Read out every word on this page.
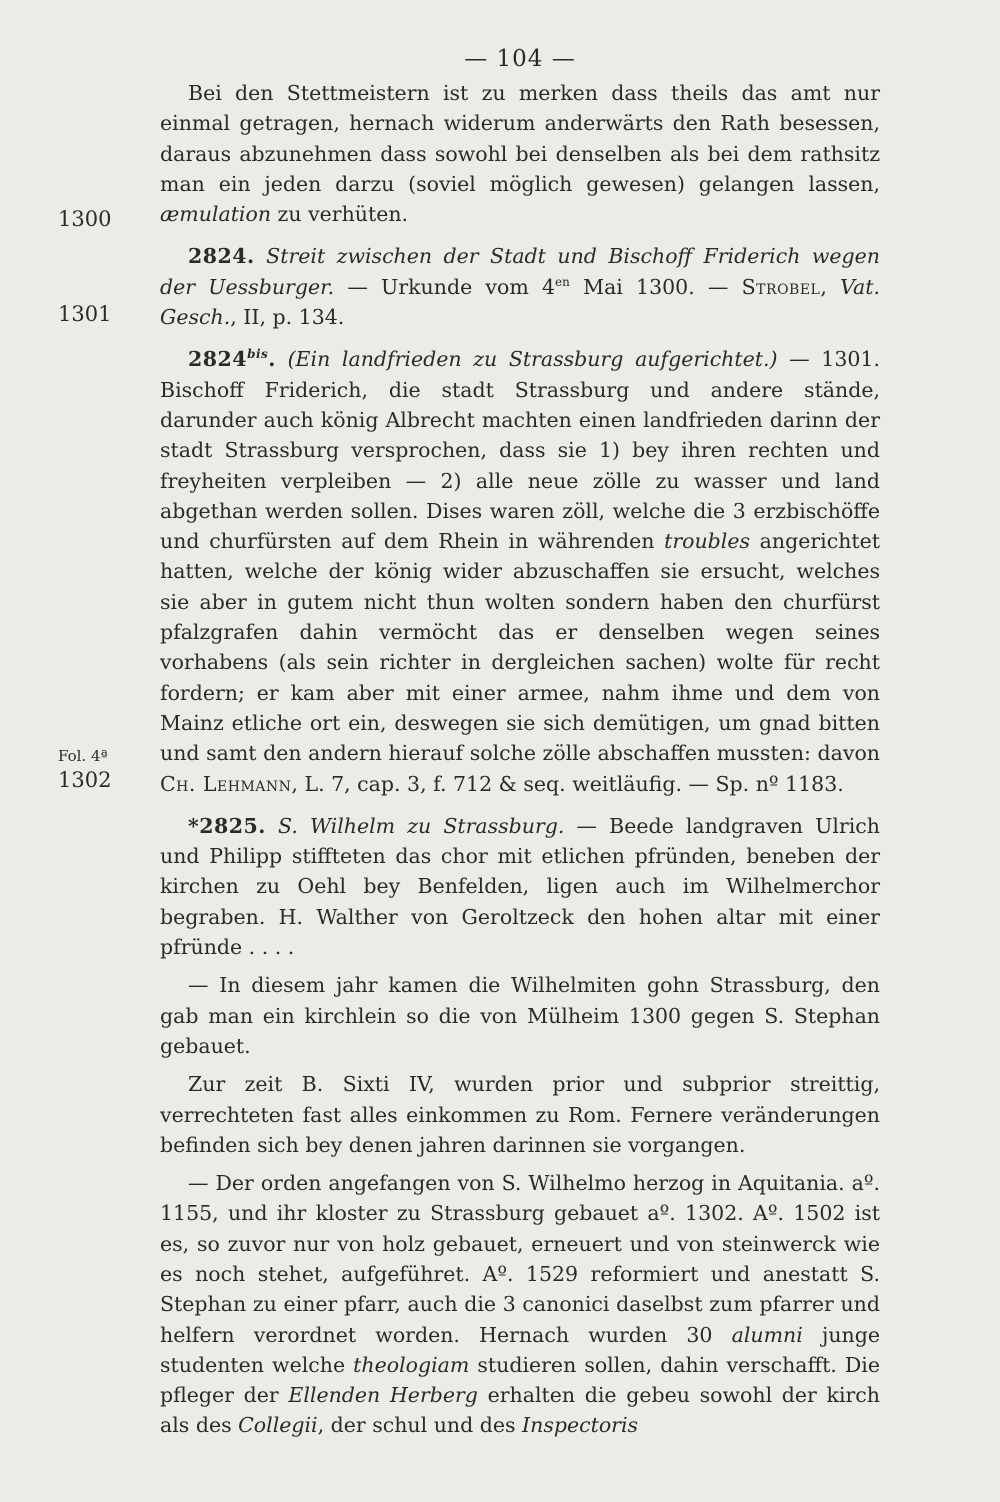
— 104 —
1300
1301
Fol. 4ª
1302

Bei den Stettmeistern ist zu merken dass theils das amt nur einmal getragen, hernach widerum anderwärts den Rath besessen, daraus abzunehmen dass sowohl bei denselben als bei dem rathsitz man ein jeden darzu (soviel möglich gewesen) gelangen lassen, æmulation zu verhüten.

2824. Streit zwischen der Stadt und Bischoff Friderich wegen der Uessburger. — Urkunde vom $4^{en}$ Mai 1300. — Strobel, Vat. Gesch., II, p. 134.

$2824^{bis}$. (Ein landfrieden zu Strassburg aufgerichtet.) — 1301. Bischoff Friderich, die stadt Strassburg und andere stände, darunder auch könig Albrecht machten einen landfrieden darinn der stadt Strassburg versprochen, dass sie 1) bey ihren rechten und freyheiten verpleiben — 2) alle neue zölle zu wasser und land abgethan werden sollen. Dises waren zöll, welche die 3 erzbischöffe und churfürsten auf dem Rhein in währenden troubles angerichtet hatten, welche der könig wider abzuschaffen sie ersucht, welches sie aber in gutem nicht thun wolten sondern haben den churfürst pfalzgrafen dahin vermöcht das er denselben wegen seines vorhabens (als sein richter in dergleichen sachen) wolte für recht fordern; er kam aber mit einer armee, nahm ihme und dem von Mainz etliche ort ein, deswegen sie sich demütigen, um gnad bitten und samt den andern hierauf solche zölle abschaffen mussten: davon Ch. Lehmann, L. 7, cap. 3, f. 712 & seq. weitläufig. — Sp. nº 1183.

*2825. S. Wilhelm zu Strassburg. — Beede landgraven Ulrich und Philipp stiffteten das chor mit etlichen pfründen, beneben der kirchen zu Oehl bey Benfelden, ligen auch im Wilhelmerchor begraben. H. Walther von Geroltzeck den hohen altar mit einer pfründe . . . .

— In diesem jahr kamen die Wilhelmiten gohn Strassburg, den gab man ein kirchlein so die von Mülheim 1300 gegen S. Stephan gebauet.

Zur zeit B. Sixti IV, wurden prior und subprior streittig, verrechteten fast alles einkommen zu Rom. Fernere veränderungen befinden sich bey denen jahren darinnen sie vorgangen.

— Der orden angefangen von S. Wilhelmo herzog in Aquitania. aº. 1155, und ihr kloster zu Strassburg gebauet aº. 1302. Aº. 1502 ist es, so zuvor nur von holz gebauet, erneuert und von steinwerck wie es noch stehet, aufgeführet. Aº. 1529 reformiert und anestatt S. Stephan zu einer pfarr, auch die 3 canonici daselbst zum pfarrer und helfern verordnet worden. Hernach wurden 30 alumni junge studenten welche theologiam studieren sollen, dahin verschafft. Die pfleger der Ellenden Herberg erhalten die gebeu sowohl der kirch als des Collegii, der schul und des Inspectoris
